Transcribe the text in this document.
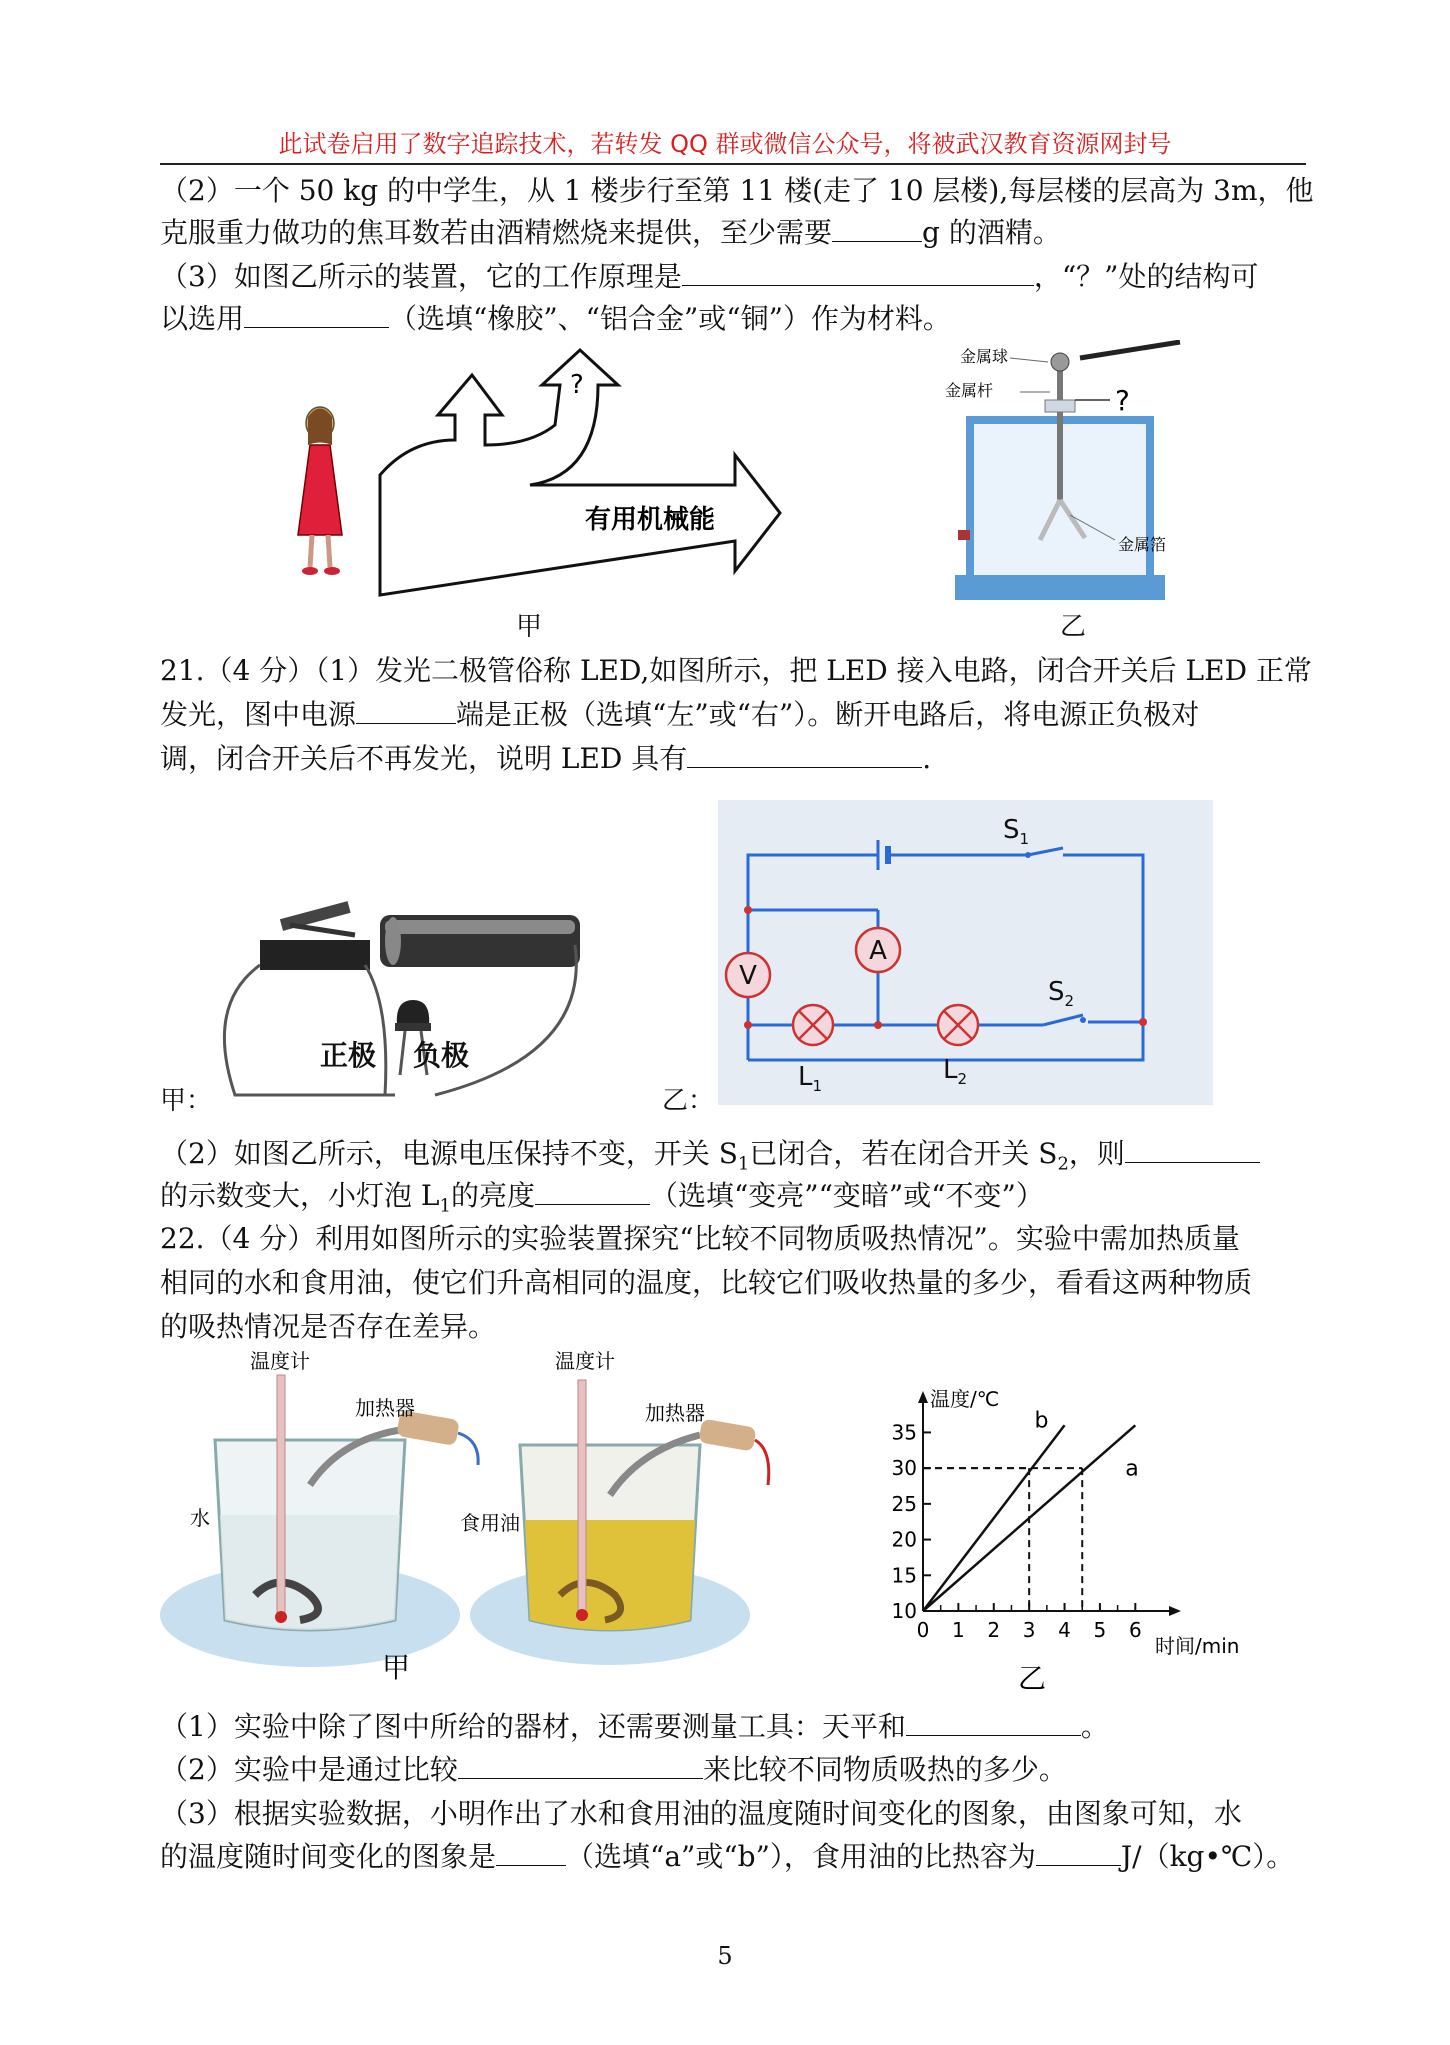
此试卷启用了数字追踪技术，若转发 QQ 群或微信公众号，将被武汉教育资源网封号
（2）一个 50 kg 的中学生，从 1 楼步行至第 11 楼(走了 10 层楼),每层楼的层高为 3m，他
克服重力做功的焦耳数若由酒精燃烧来提供，至少需要	g 的酒精。
（3）如图乙所示的装置，它的工作原理是	，“？”处的结构可
以选用	（选填“橡胶”、“铝合金”或“铜”）作为材料。
?
有用机械能
甲
金属球
金属杆	?
金属箔
乙
21.（4 分）（1）发光二极管俗称 LED,如图所示，把 LED 接入电路，闭合开关后 LED 正常
发光，图中电源	端是正极（选填“左”或“右”）。断开电路后，将电源正负极对
调，闭合开关后不再发光，说明 LED 具有	.
正极 负极
甲：	乙：
V
A
$S_1$
$S_2$
$L_1$
$L_2$
（2）如图乙所示，电源电压保持不变，开关 $S_1$已闭合，若在闭合开关 $S_2$，则
的示数变大，小灯泡 $L_1$的亮度	（选填“变亮”“变暗”或“不变”）
22.（4 分）利用如图所示的实验装置探究“比较不同物质吸热情况”。实验中需加热质量
相同的水和食用油，使它们升高相同的温度，比较它们吸收热量的多少，看看这两种物质
的吸热情况是否存在差异。
温度计
加热器
水
温度计
加热器
食用油
甲
0 1 2 3 4 5 6
10
15
20
25
30
35
a
b
温度/℃
时间/min
乙
（1）实验中除了图中所给的器材，还需要测量工具：天平和	。
（2）实验中是通过比较	来比较不同物质吸热的多少。
（3）根据实验数据，小明作出了水和食用油的温度随时间变化的图象，由图象可知，水
的温度随时间变化的图象是	（选填“a”或“b”），食用油的比热容为	J/（kg•℃）。
5
